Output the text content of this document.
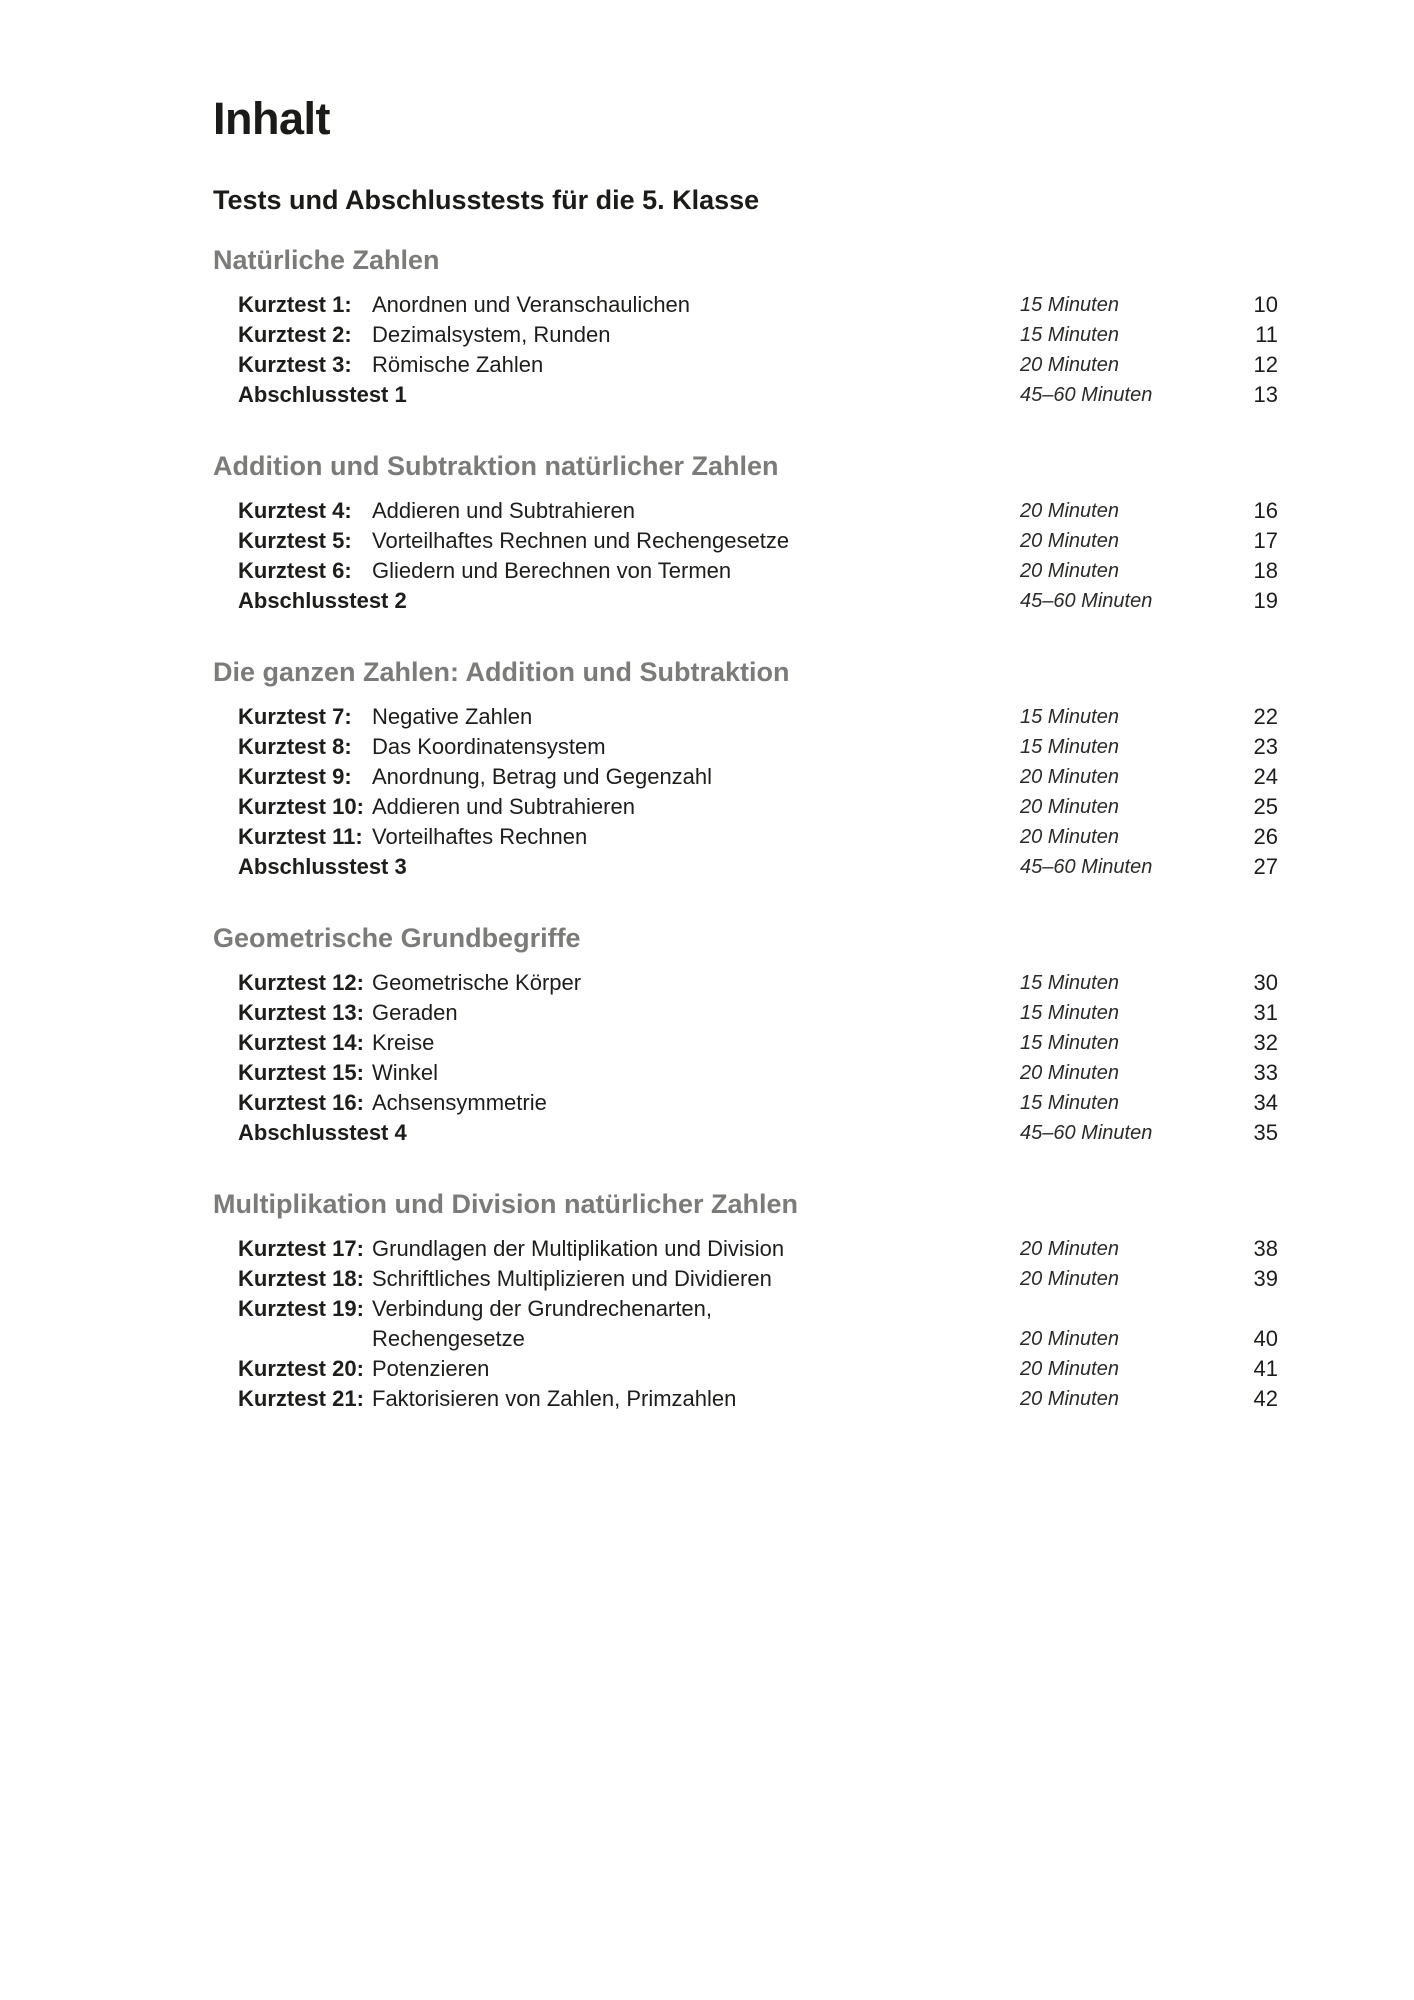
Inhalt
Tests und Abschlusstests für die 5. Klasse
Natürliche Zahlen
Kurztest 1: Anordnen und Veranschaulichen	15 Minuten	10
Kurztest 2: Dezimalsystem, Runden	15 Minuten	11
Kurztest 3: Römische Zahlen	20 Minuten	12
Abschlusstest 1	45–60 Minuten	13
Addition und Subtraktion natürlicher Zahlen
Kurztest 4: Addieren und Subtrahieren	20 Minuten	16
Kurztest 5: Vorteilhaftes Rechnen und Rechengesetze	20 Minuten	17
Kurztest 6: Gliedern und Berechnen von Termen	20 Minuten	18
Abschlusstest 2	45–60 Minuten	19
Die ganzen Zahlen: Addition und Subtraktion
Kurztest 7: Negative Zahlen	15 Minuten	22
Kurztest 8: Das Koordinatensystem	15 Minuten	23
Kurztest 9: Anordnung, Betrag und Gegenzahl	20 Minuten	24
Kurztest 10: Addieren und Subtrahieren	20 Minuten	25
Kurztest 11: Vorteilhaftes Rechnen	20 Minuten	26
Abschlusstest 3	45–60 Minuten	27
Geometrische Grundbegriffe
Kurztest 12: Geometrische Körper	15 Minuten	30
Kurztest 13: Geraden	15 Minuten	31
Kurztest 14: Kreise	15 Minuten	32
Kurztest 15: Winkel	20 Minuten	33
Kurztest 16: Achsensymmetrie	15 Minuten	34
Abschlusstest 4	45–60 Minuten	35
Multiplikation und Division natürlicher Zahlen
Kurztest 17: Grundlagen der Multiplikation und Division	20 Minuten	38
Kurztest 18: Schriftliches Multiplizieren und Dividieren	20 Minuten	39
Kurztest 19: Verbindung der Grundrechenarten,
Rechengesetze	20 Minuten	40
Kurztest 20: Potenzieren	20 Minuten	41
Kurztest 21: Faktorisieren von Zahlen, Primzahlen	20 Minuten	42
